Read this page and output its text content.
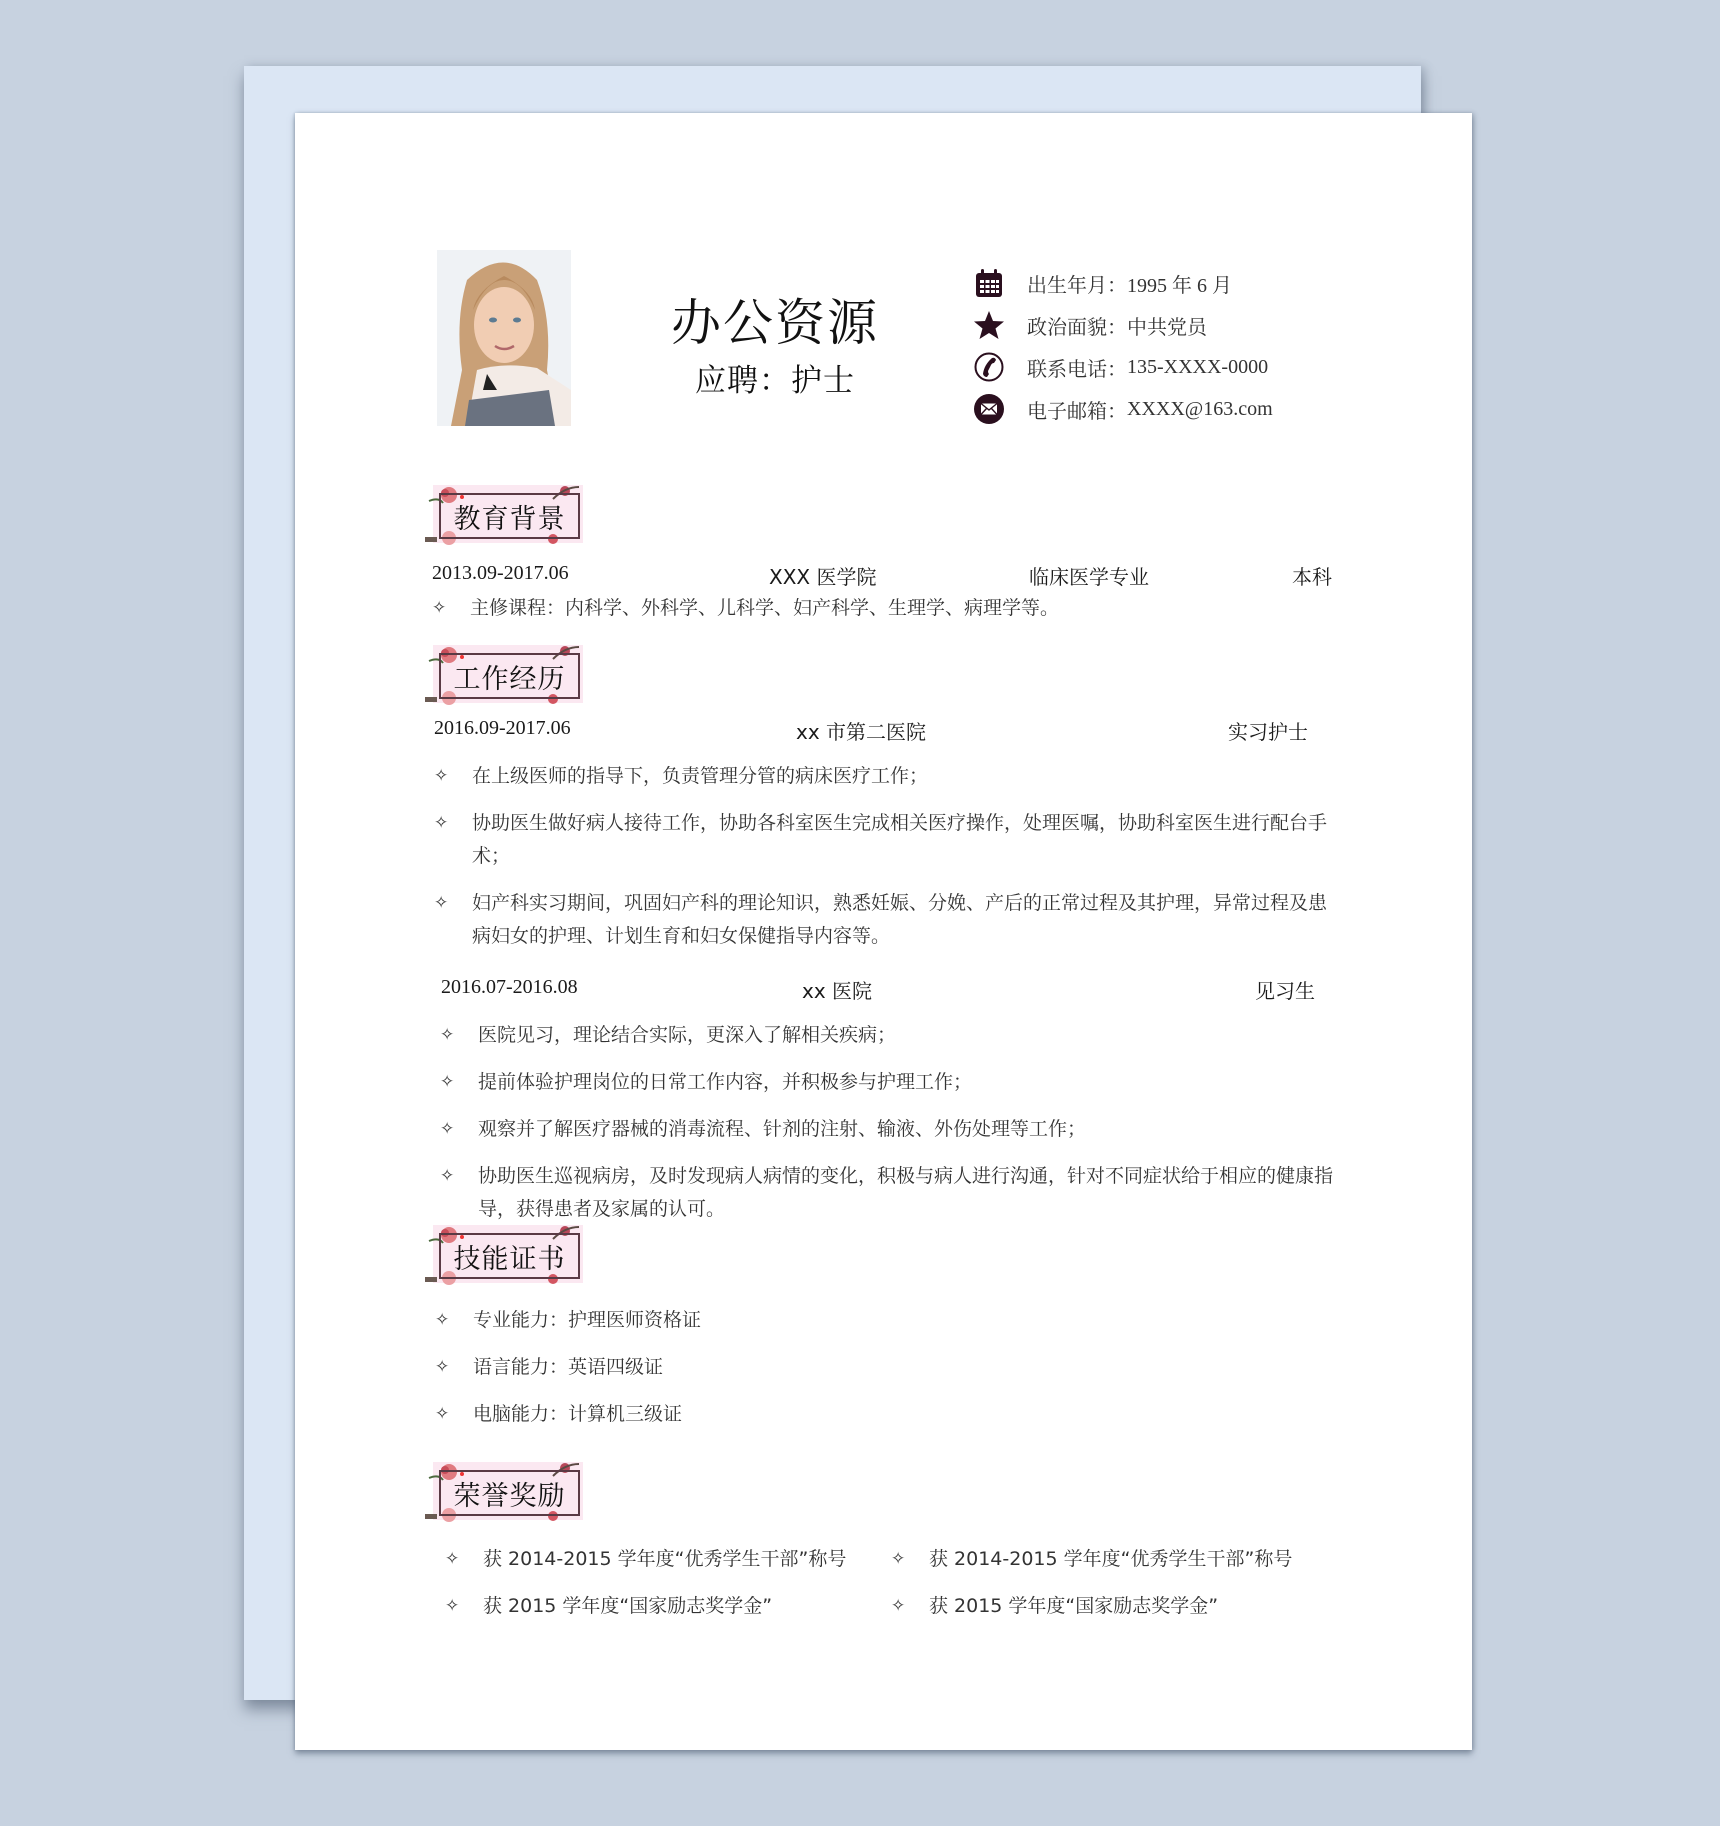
办公资源
应聘：护士
出生年月： 1995 年 6 月
政治面貌： 中共党员
联系电话： 135-XXXX-0000
电子邮箱： XXXX@163.com
教育背景
2013.09-2017.06	XXX 医学院	临床医学专业	本科
✧	主修课程：内科学、外科学、儿科学、妇产科学、生理学、病理学等。
工作经历
2016.09-2017.06	xx 市第二医院	实习护士
✧	在上级医师的指导下，负责管理分管的病床医疗工作；
✧	协助医生做好病人接待工作，协助各科室医生完成相关医疗操作，处理医嘱，协助科室医生进行配台手术；
✧	妇产科实习期间，巩固妇产科的理论知识，熟悉妊娠、分娩、产后的正常过程及其护理，异常过程及患病妇女的护理、计划生育和妇女保健指导内容等。
2016.07-2016.08	xx 医院	见习生
✧	医院见习，理论结合实际，更深入了解相关疾病；
✧	提前体验护理岗位的日常工作内容，并积极参与护理工作；
✧	观察并了解医疗器械的消毒流程、针剂的注射、输液、外伤处理等工作；
✧	协助医生巡视病房，及时发现病人病情的变化，积极与病人进行沟通，针对不同症状给于相应的健康指导，获得患者及家属的认可。
技能证书
✧	专业能力：护理医师资格证
✧	语言能力：英语四级证
✧	电脑能力：计算机三级证
荣誉奖励
✧	获 2014-2015 学年度“优秀学生干部”称号	✧	获 2014-2015 学年度“优秀学生干部”称号
✧	获 2015 学年度“国家励志奖学金”	✧	获 2015 学年度“国家励志奖学金”
